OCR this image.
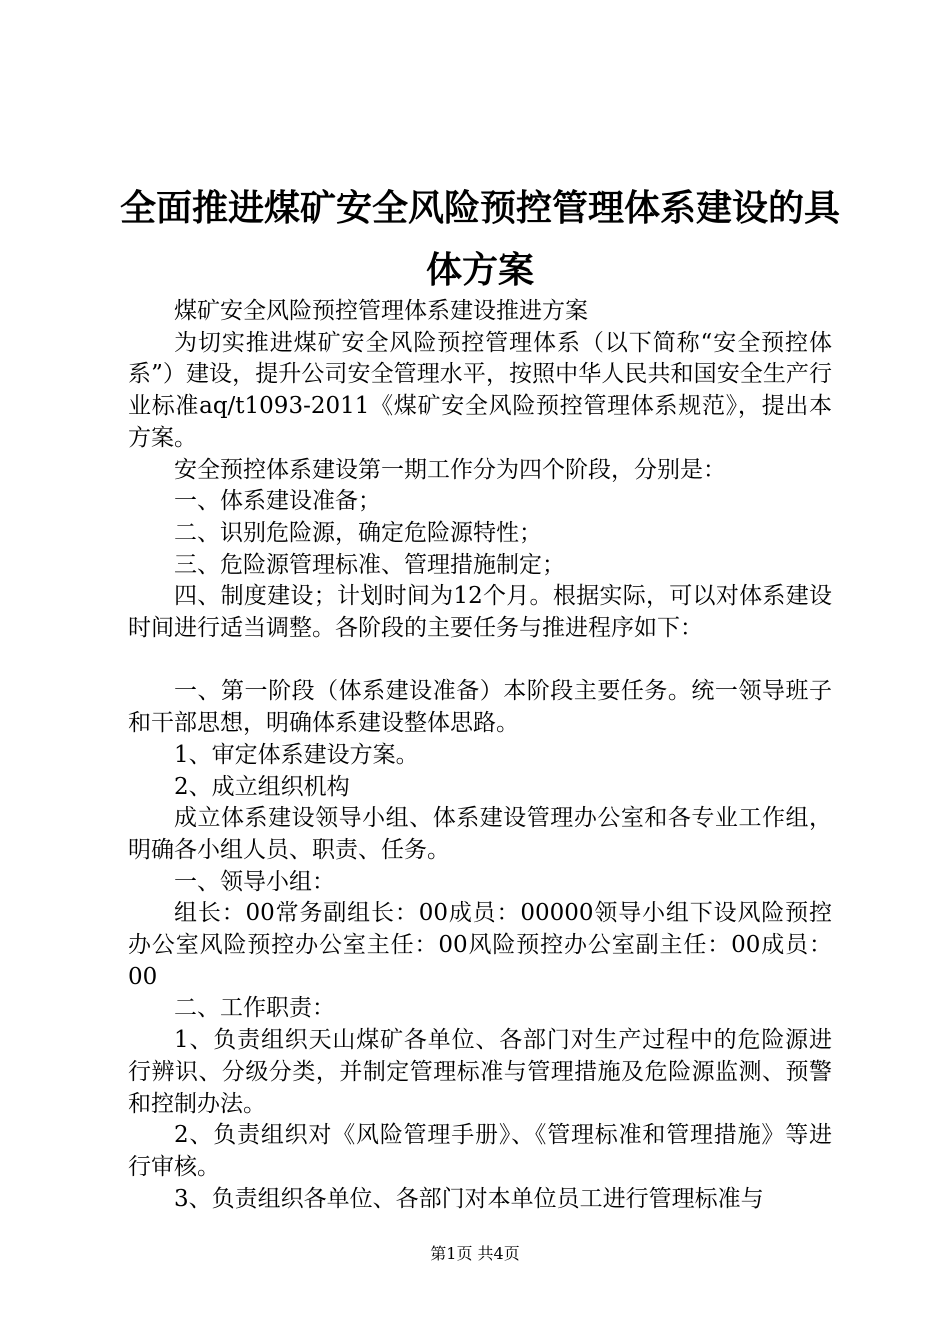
全面推进煤矿安全风险预控管理体系建设的具体方案

煤矿安全风险预控管理体系建设推进方案

为切实推进煤矿安全风险预控管理体系（以下简称“安全预控体系”）建设，提升公司安全管理水平，按照中华人民共和国安全生产行业标准aq/t1093-2011《煤矿安全风险预控管理体系规范》，提出本方案。

安全预控体系建设第一期工作分为四个阶段，分别是：

一、体系建设准备；

二、识别危险源，确定危险源特性；

三、危险源管理标准、管理措施制定；

四、制度建设；计划时间为12个月。根据实际，可以对体系建设时间进行适当调整。各阶段的主要任务与推进程序如下：

一、第一阶段（体系建设准备）本阶段主要任务。统一领导班子和干部思想，明确体系建设整体思路。

1、审定体系建设方案。

2、成立组织机构

成立体系建设领导小组、体系建设管理办公室和各专业工作组，明确各小组人员、职责、任务。

一、领导小组：

组长：00常务副组长：00成员：00000领导小组下设风险预控办公室风险预控办公室主任：00风险预控办公室副主任：00成员：00

二、工作职责：

1、负责组织天山煤矿各单位、各部门对生产过程中的危险源进行辨识、分级分类，并制定管理标准与管理措施及危险源监测、预警和控制办法。

2、负责组织对《风险管理手册》、《管理标准和管理措施》等进行审核。

3、负责组织各单位、各部门对本单位员工进行管理标准与

第1页 共4页
